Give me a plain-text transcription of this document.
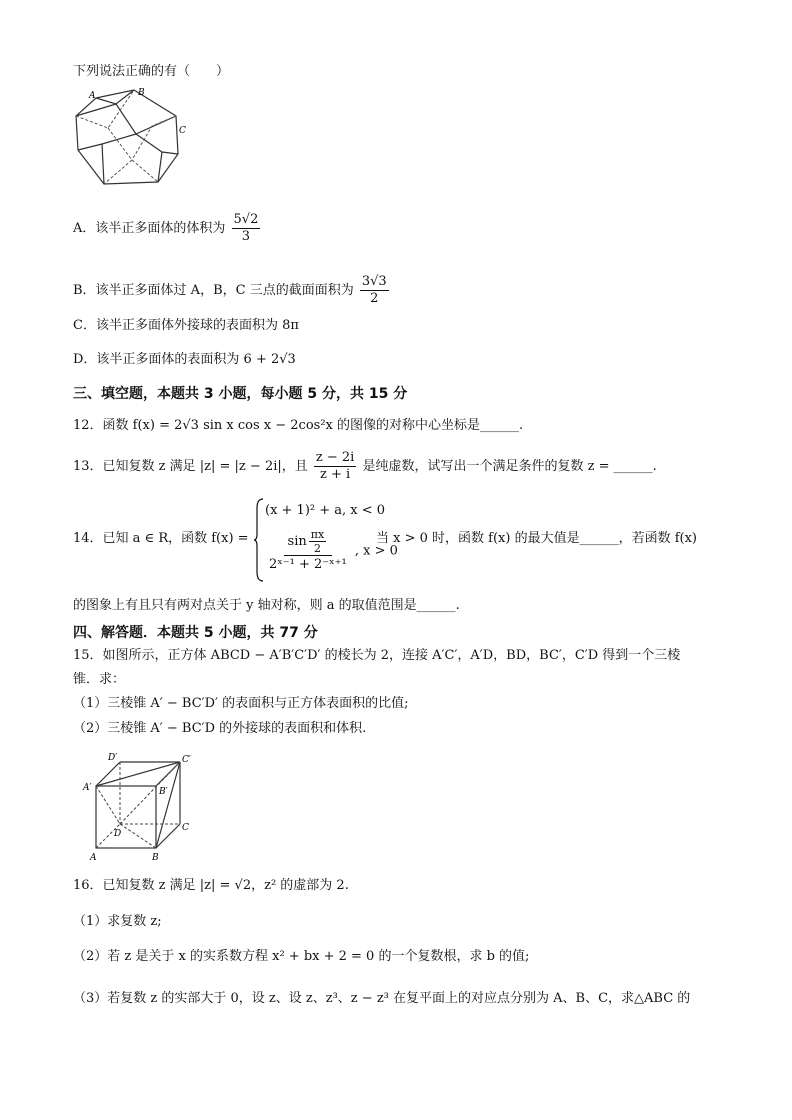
下列说法正确的有（　　）
A	B
C
A．该半正多面体的体积为 $\frac{5√2}{3}$
B．该半正多面体过 A，B，C 三点的截面面积为 $\frac{3√3}{2}$
C．该半正多面体外接球的表面积为 8π
D．该半正多面体的表面积为 6 + 2√3
三、填空题，本题共 3 小题，每小题 5 分，共 15 分
12．函数 f(x) = 2√3 sin x cos x − 2cos²x 的图像的对称中心坐标是______.
13．已知复数 z 满足 |z| = |z − 2i|，且 $\frac{z - 2i}{z + i}$ 是纯虚数，试写出一个满足条件的复数 z = ______.
14．已知 a ∈ R，函数 f(x) =
(x + 1)² + a, x < 0
$\frac{\sin \frac{\pi x}{2}}{\text{2ˣ⁻¹ + 2⁻ˣ⁺¹}}$ , x > 0
当 x > 0 时，函数 f(x) 的最大值是______，若函数 f(x)
的图象上有且只有两对点关于 y 轴对称，则 a 的取值范围是______.
四、解答题．本题共 5 小题，共 77 分
15．如图所示，正方体 ABCD − A′B′C′D′ 的棱长为 2，连接 A′C′，A′D，BD，BC′，C′D 得到一个三棱
锥．求：
（1）三棱锥 A′ − BC′D′ 的表面积与正方体表面积的比值;
（2）三棱锥 A′ − BC′D 的外接球的表面积和体积.
D′	C′
A′	B′
D
C
A	B
16．已知复数 z 满足 |z| = √2，z² 的虚部为 2.
（1）求复数 z;
（2）若 z 是关于 x 的实系数方程 x² + bx + 2 = 0 的一个复数根，求 b 的值;
（3）若复数 z 的实部大于 0，设 z、设 z、z³、z − z³ 在复平面上的对应点分别为 A、B、C，求△ABC 的
